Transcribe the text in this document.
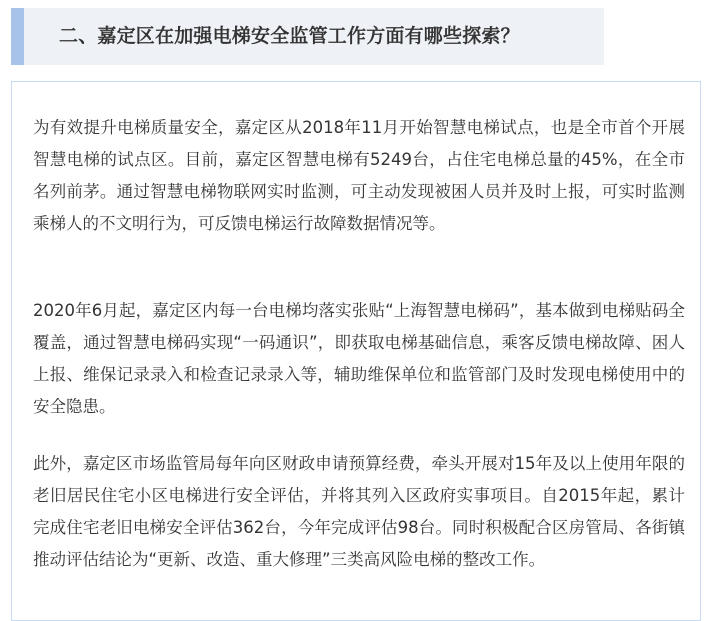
二、嘉定区在加强电梯安全监管工作方面有哪些探索？

为有效提升电梯质量安全，嘉定区从2018年11月开始智慧电梯试点，也是全市首个开展智慧电梯的试点区。目前，嘉定区智慧电梯有5249台，占住宅电梯总量的45%，在全市名列前茅。通过智慧电梯物联网实时监测，可主动发现被困人员并及时上报，可实时监测乘梯人的不文明行为，可反馈电梯运行故障数据情况等。

2020年6月起，嘉定区内每一台电梯均落实张贴“上海智慧电梯码”，基本做到电梯贴码全覆盖，通过智慧电梯码实现“一码通识”，即获取电梯基础信息，乘客反馈电梯故障、困人上报、维保记录录入和检查记录录入等，辅助维保单位和监管部门及时发现电梯使用中的安全隐患。

此外，嘉定区市场监管局每年向区财政申请预算经费，牵头开展对15年及以上使用年限的老旧居民住宅小区电梯进行安全评估，并将其列入区政府实事项目。自2015年起，累计完成住宅老旧电梯安全评估362台，今年完成评估98台。同时积极配合区房管局、各街镇推动评估结论为“更新、改造、重大修理”三类高风险电梯的整改工作。
